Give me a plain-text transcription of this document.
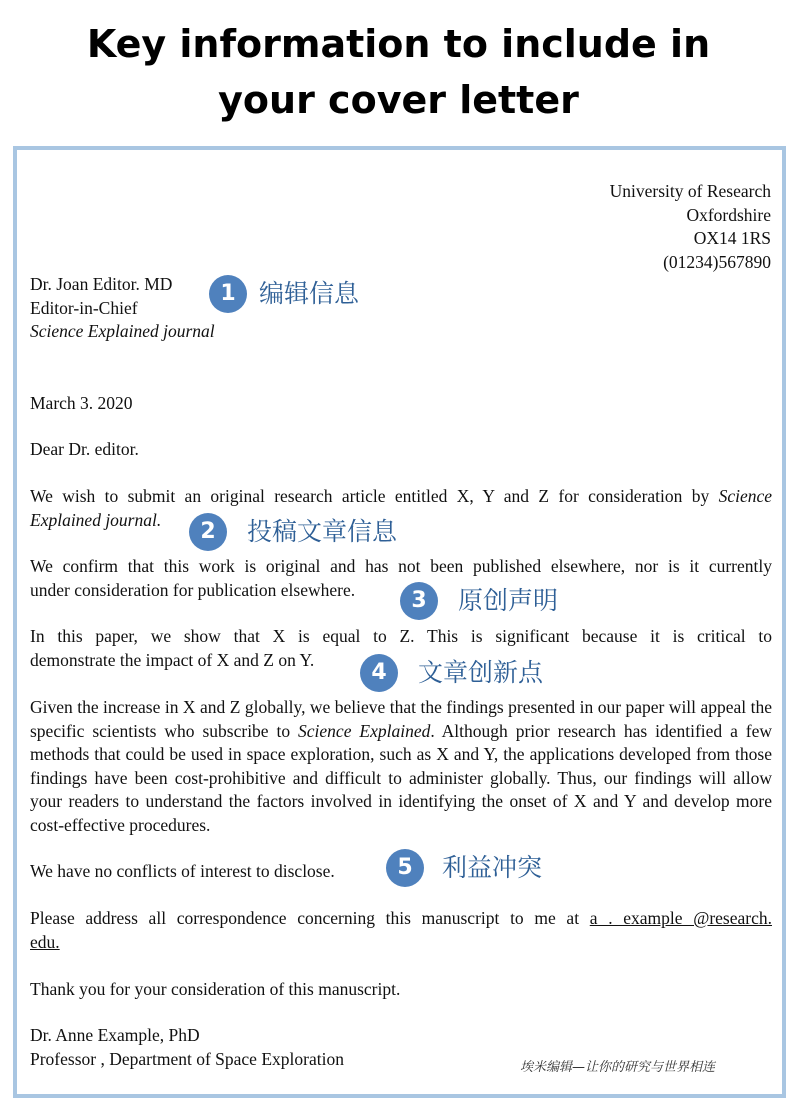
Key information to include in
your cover letter
University of Research
Oxfordshire
OX14 1RS
(01234)567890
Dr. Joan Editor. MD
Editor-in-Chief
Science Explained journal
March 3. 2020
Dear Dr. editor.
We wish to submit an original research article entitled X, Y and Z for consideration by Science
Explained journal.
We confirm that this work is original and has not been published elsewhere, nor is it currently
under consideration for publication elsewhere.
In this paper, we show that X is equal to Z. This is significant because it is critical to
demonstrate the impact of X and Z on Y.
Given the increase in X and Z globally, we believe that the findings presented in our paper will appeal the specific scientists who subscribe to Science Explained. Although prior research has identified a few methods that could be used in space exploration, such as X and Y, the applications developed from those findings have been cost-prohibitive and difficult to administer globally. Thus, our findings will allow your readers to understand the factors involved in identifying the onset of X and Y and develop more cost-effective procedures.
We have no conflicts of interest to disclose.
Please address all correspondence concerning this manuscript to me at a . example @research.
edu.
Thank you for your consideration of this manuscript.
Dr. Anne Example, PhD
Professor , Department of Space Exploration
1 编辑信息
2	投稿文章信息
3	原创声明
4	文章创新点
5	利益冲突
埃米编辑—让你的研究与世界相连
